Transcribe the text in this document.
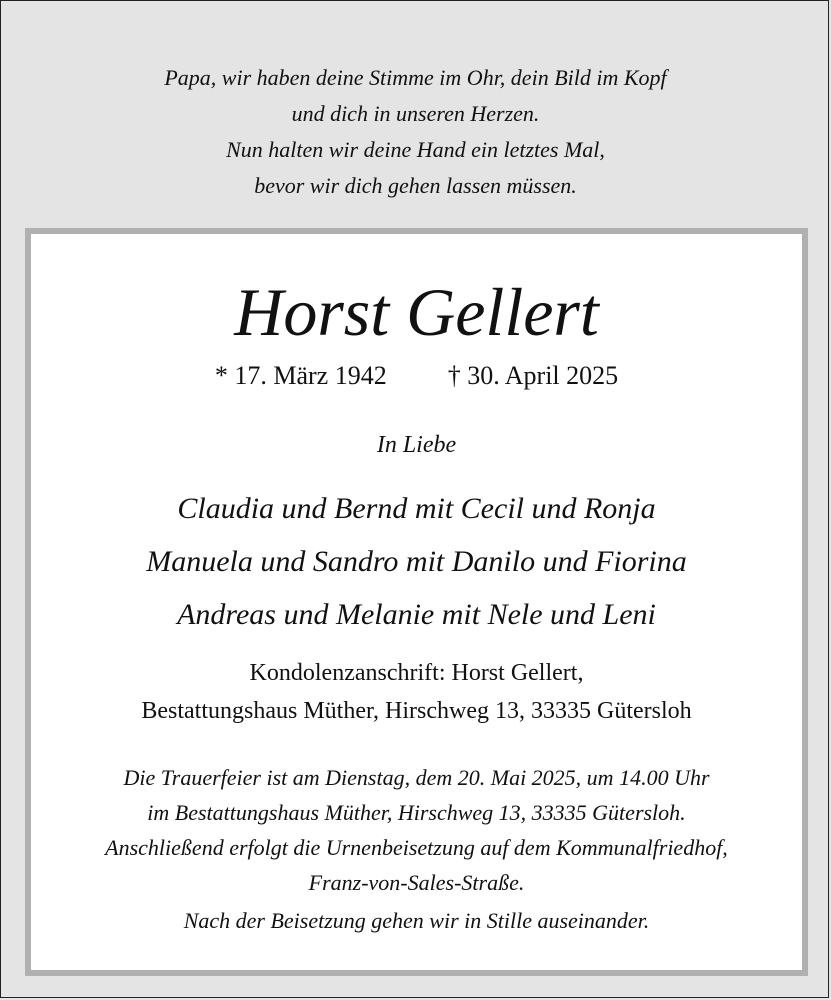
Papa, wir haben deine Stimme im Ohr, dein Bild im Kopf
und dich in unseren Herzen.
Nun halten wir deine Hand ein letztes Mal,
bevor wir dich gehen lassen müssen.
Horst Gellert
* 17. März 1942 † 30. April 2025
In Liebe
Claudia und Bernd mit Cecil und Ronja
Manuela und Sandro mit Danilo und Fiorina
Andreas und Melanie mit Nele und Leni
Kondolenzanschrift: Horst Gellert,
Bestattungshaus Müther, Hirschweg 13, 33335 Gütersloh
Die Trauerfeier ist am Dienstag, dem 20. Mai 2025, um 14.00 Uhr
im Bestattungshaus Müther, Hirschweg 13, 33335 Gütersloh.
Anschließend erfolgt die Urnenbeisetzung auf dem Kommunalfriedhof,
Franz-von-Sales-Straße.
Nach der Beisetzung gehen wir in Stille auseinander.
